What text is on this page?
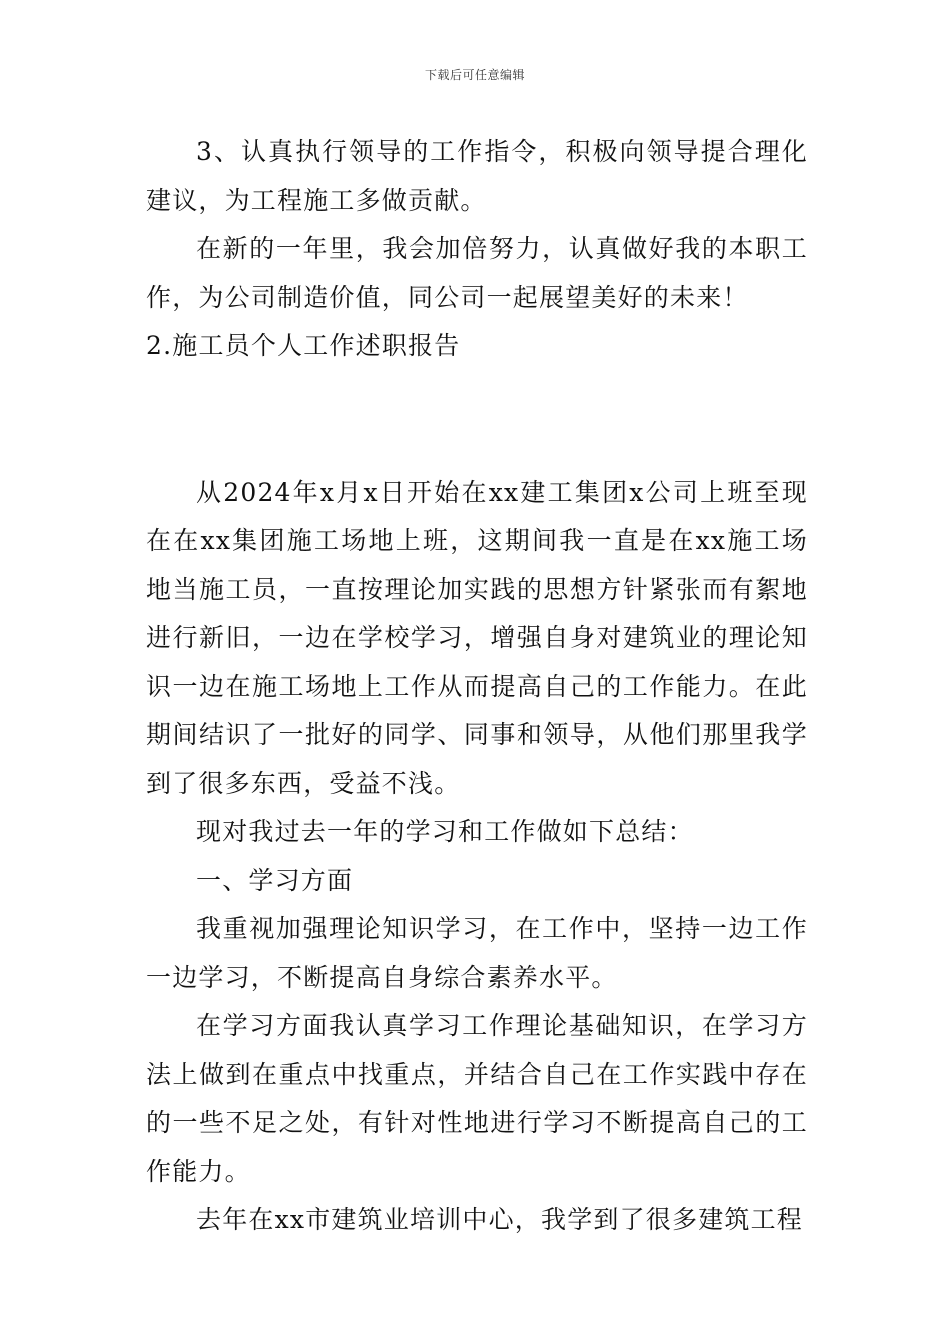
下载后可任意编辑

3、认真执行领导的工作指令，积极向领导提合理化建议，为工程施工多做贡献。

在新的一年里，我会加倍努力，认真做好我的本职工作，为公司制造价值，同公司一起展望美好的未来！

2.施工员个人工作述职报告

从2024年x月x日开始在xx建工集团x公司上班至现在在xx集团施工场地上班，这期间我一直是在xx施工场地当施工员，一直按理论加实践的思想方针紧张而有絮地进行新旧，一边在学校学习，增强自身对建筑业的理论知识一边在施工场地上工作从而提高自己的工作能力。在此期间结识了一批好的同学、同事和领导，从他们那里我学到了很多东西，受益不浅。

现对我过去一年的学习和工作做如下总结：

一、学习方面

我重视加强理论知识学习，在工作中，坚持一边工作一边学习，不断提高自身综合素养水平。

在学习方面我认真学习工作理论基础知识，在学习方法上做到在重点中找重点，并结合自己在工作实践中存在的一些不足之处，有针对性地进行学习不断提高自己的工作能力。

去年在xx市建筑业培训中心，我学到了很多建筑工程
